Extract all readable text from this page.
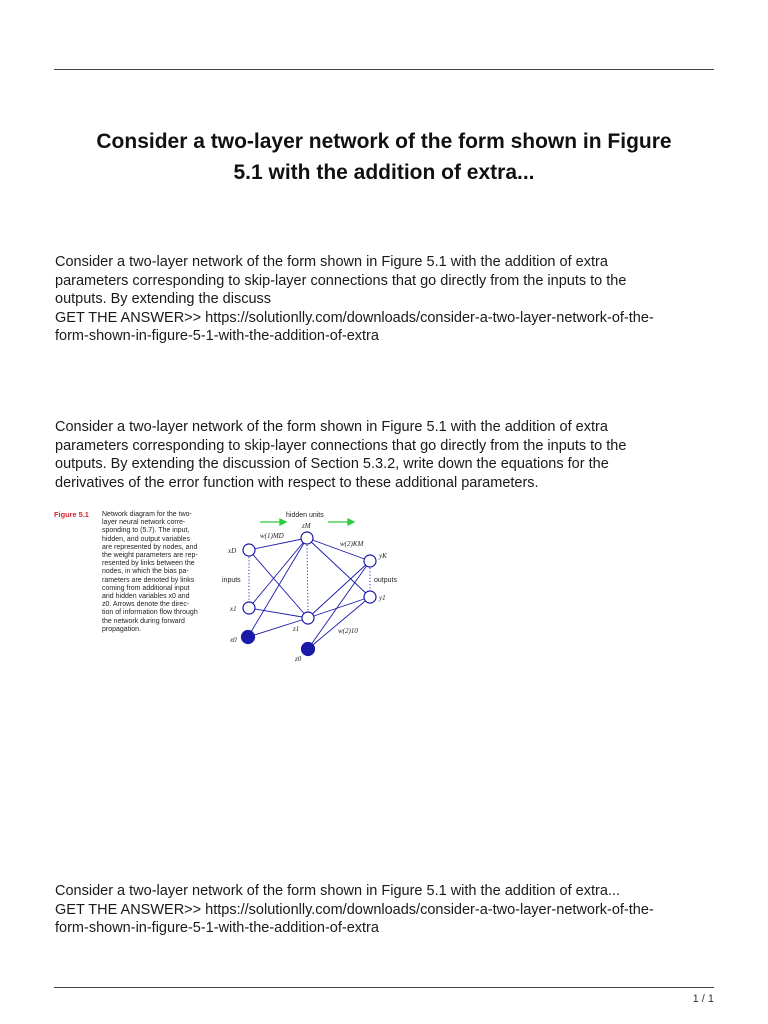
Consider a two-layer network of the form shown in Figure
5.1 with the addition of extra...

Consider a two-layer network of the form shown in Figure 5.1 with the addition of extra
parameters corresponding to skip-layer connections that go directly from the inputs to the
outputs. By extending the discuss
GET THE ANSWER>> https://solutionlly.com/downloads/consider-a-two-layer-network-of-the-
form-shown-in-figure-5-1-with-the-addition-of-extra

Consider a two-layer network of the form shown in Figure 5.1 with the addition of extra
parameters corresponding to skip-layer connections that go directly from the inputs to the
outputs. By extending the discussion of Section 5.3.2, write down the equations for the
derivatives of the error function with respect to these additional parameters.

Figure 5.1 Network diagram for the two-
layer neural network corre-
sponding to (5.7). The input,
hidden, and output variables
are represented by nodes, and
the weight parameters are rep-
resented by links between the
nodes, in which the bias pa-
rameters are denoted by links
coming from additional input
and hidden variables x0 and
z0. Arrows denote the direc-
tion of information flow through
the network during forward
propagation.
hidden units
xD
x1
x0
zM
z1
z0
yK
y1
w(1)MD
w(2)KM
w(2)10
inputs	outputs

Consider a two-layer network of the form shown in Figure 5.1 with the addition of extra...
GET THE ANSWER>> https://solutionlly.com/downloads/consider-a-two-layer-network-of-the-
form-shown-in-figure-5-1-with-the-addition-of-extra

1 / 1
